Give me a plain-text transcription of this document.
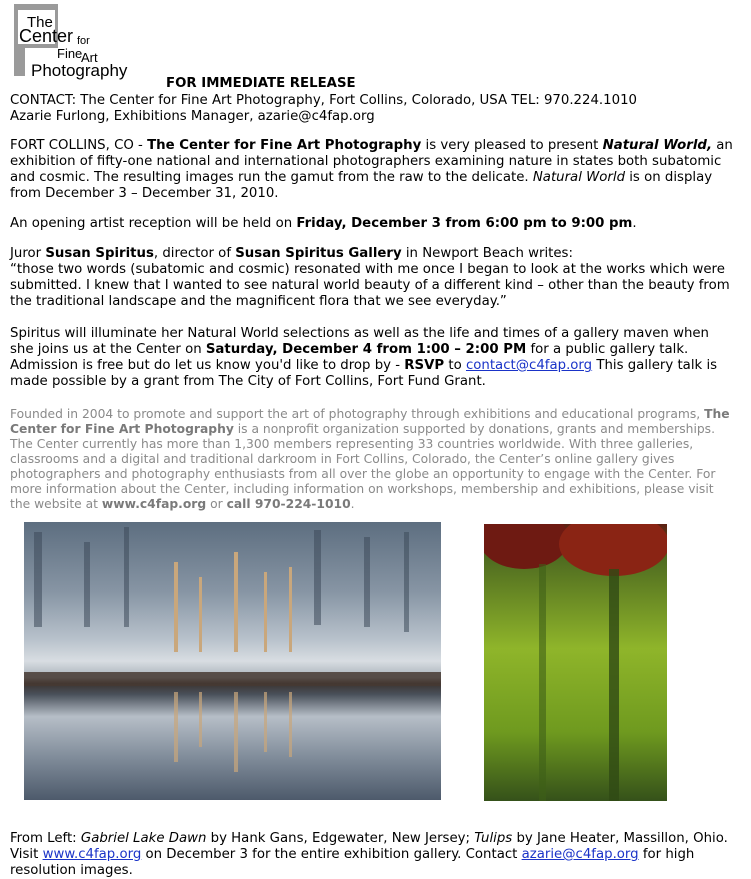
The
Center for
Fine
Art
Photography
FOR IMMEDIATE RELEASE
CONTACT: The Center for Fine Art Photography, Fort Collins, Colorado, USA TEL: 970.224.1010
Azarie Furlong, Exhibitions Manager, azarie@c4fap.org
FORT COLLINS, CO - The Center for Fine Art Photography is very pleased to present Natural World, an exhibition of fifty-one national and international photographers examining nature in states both subatomic and cosmic. The resulting images run the gamut from the raw to the delicate. Natural World is on display from December 3 – December 31, 2010.
An opening artist reception will be held on Friday, December 3 from 6:00 pm to 9:00 pm.
Juror Susan Spiritus, director of Susan Spiritus Gallery in Newport Beach writes:
“those two words (subatomic and cosmic) resonated with me once I began to look at the works which were submitted. I knew that I wanted to see natural world beauty of a different kind – other than the beauty from the traditional landscape and the magnificent flora that we see everyday.”
Spiritus will illuminate her Natural World selections as well as the life and times of a gallery maven when she joins us at the Center on Saturday, December 4 from 1:00 – 2:00 PM for a public gallery talk. Admission is free but do let us know you'd like to drop by - RSVP to contact@c4fap.org This gallery talk is made possible by a grant from The City of Fort Collins, Fort Fund Grant.
Founded in 2004 to promote and support the art of photography through exhibitions and educational programs, The Center for Fine Art Photography is a nonprofit organization supported by donations, grants and memberships. The Center currently has more than 1,300 members representing 33 countries worldwide. With three galleries, classrooms and a digital and traditional darkroom in Fort Collins, Colorado, the Center’s online gallery gives photographers and photography enthusiasts from all over the globe an opportunity to engage with the Center. For more information about the Center, including information on workshops, membership and exhibitions, please visit the website at www.c4fap.org or call 970-224-1010.
From Left: Gabriel Lake Dawn by Hank Gans, Edgewater, New Jersey; Tulips by Jane Heater, Massillon, Ohio. Visit www.c4fap.org on December 3 for the entire exhibition gallery. Contact azarie@c4fap.org for high resolution images.
